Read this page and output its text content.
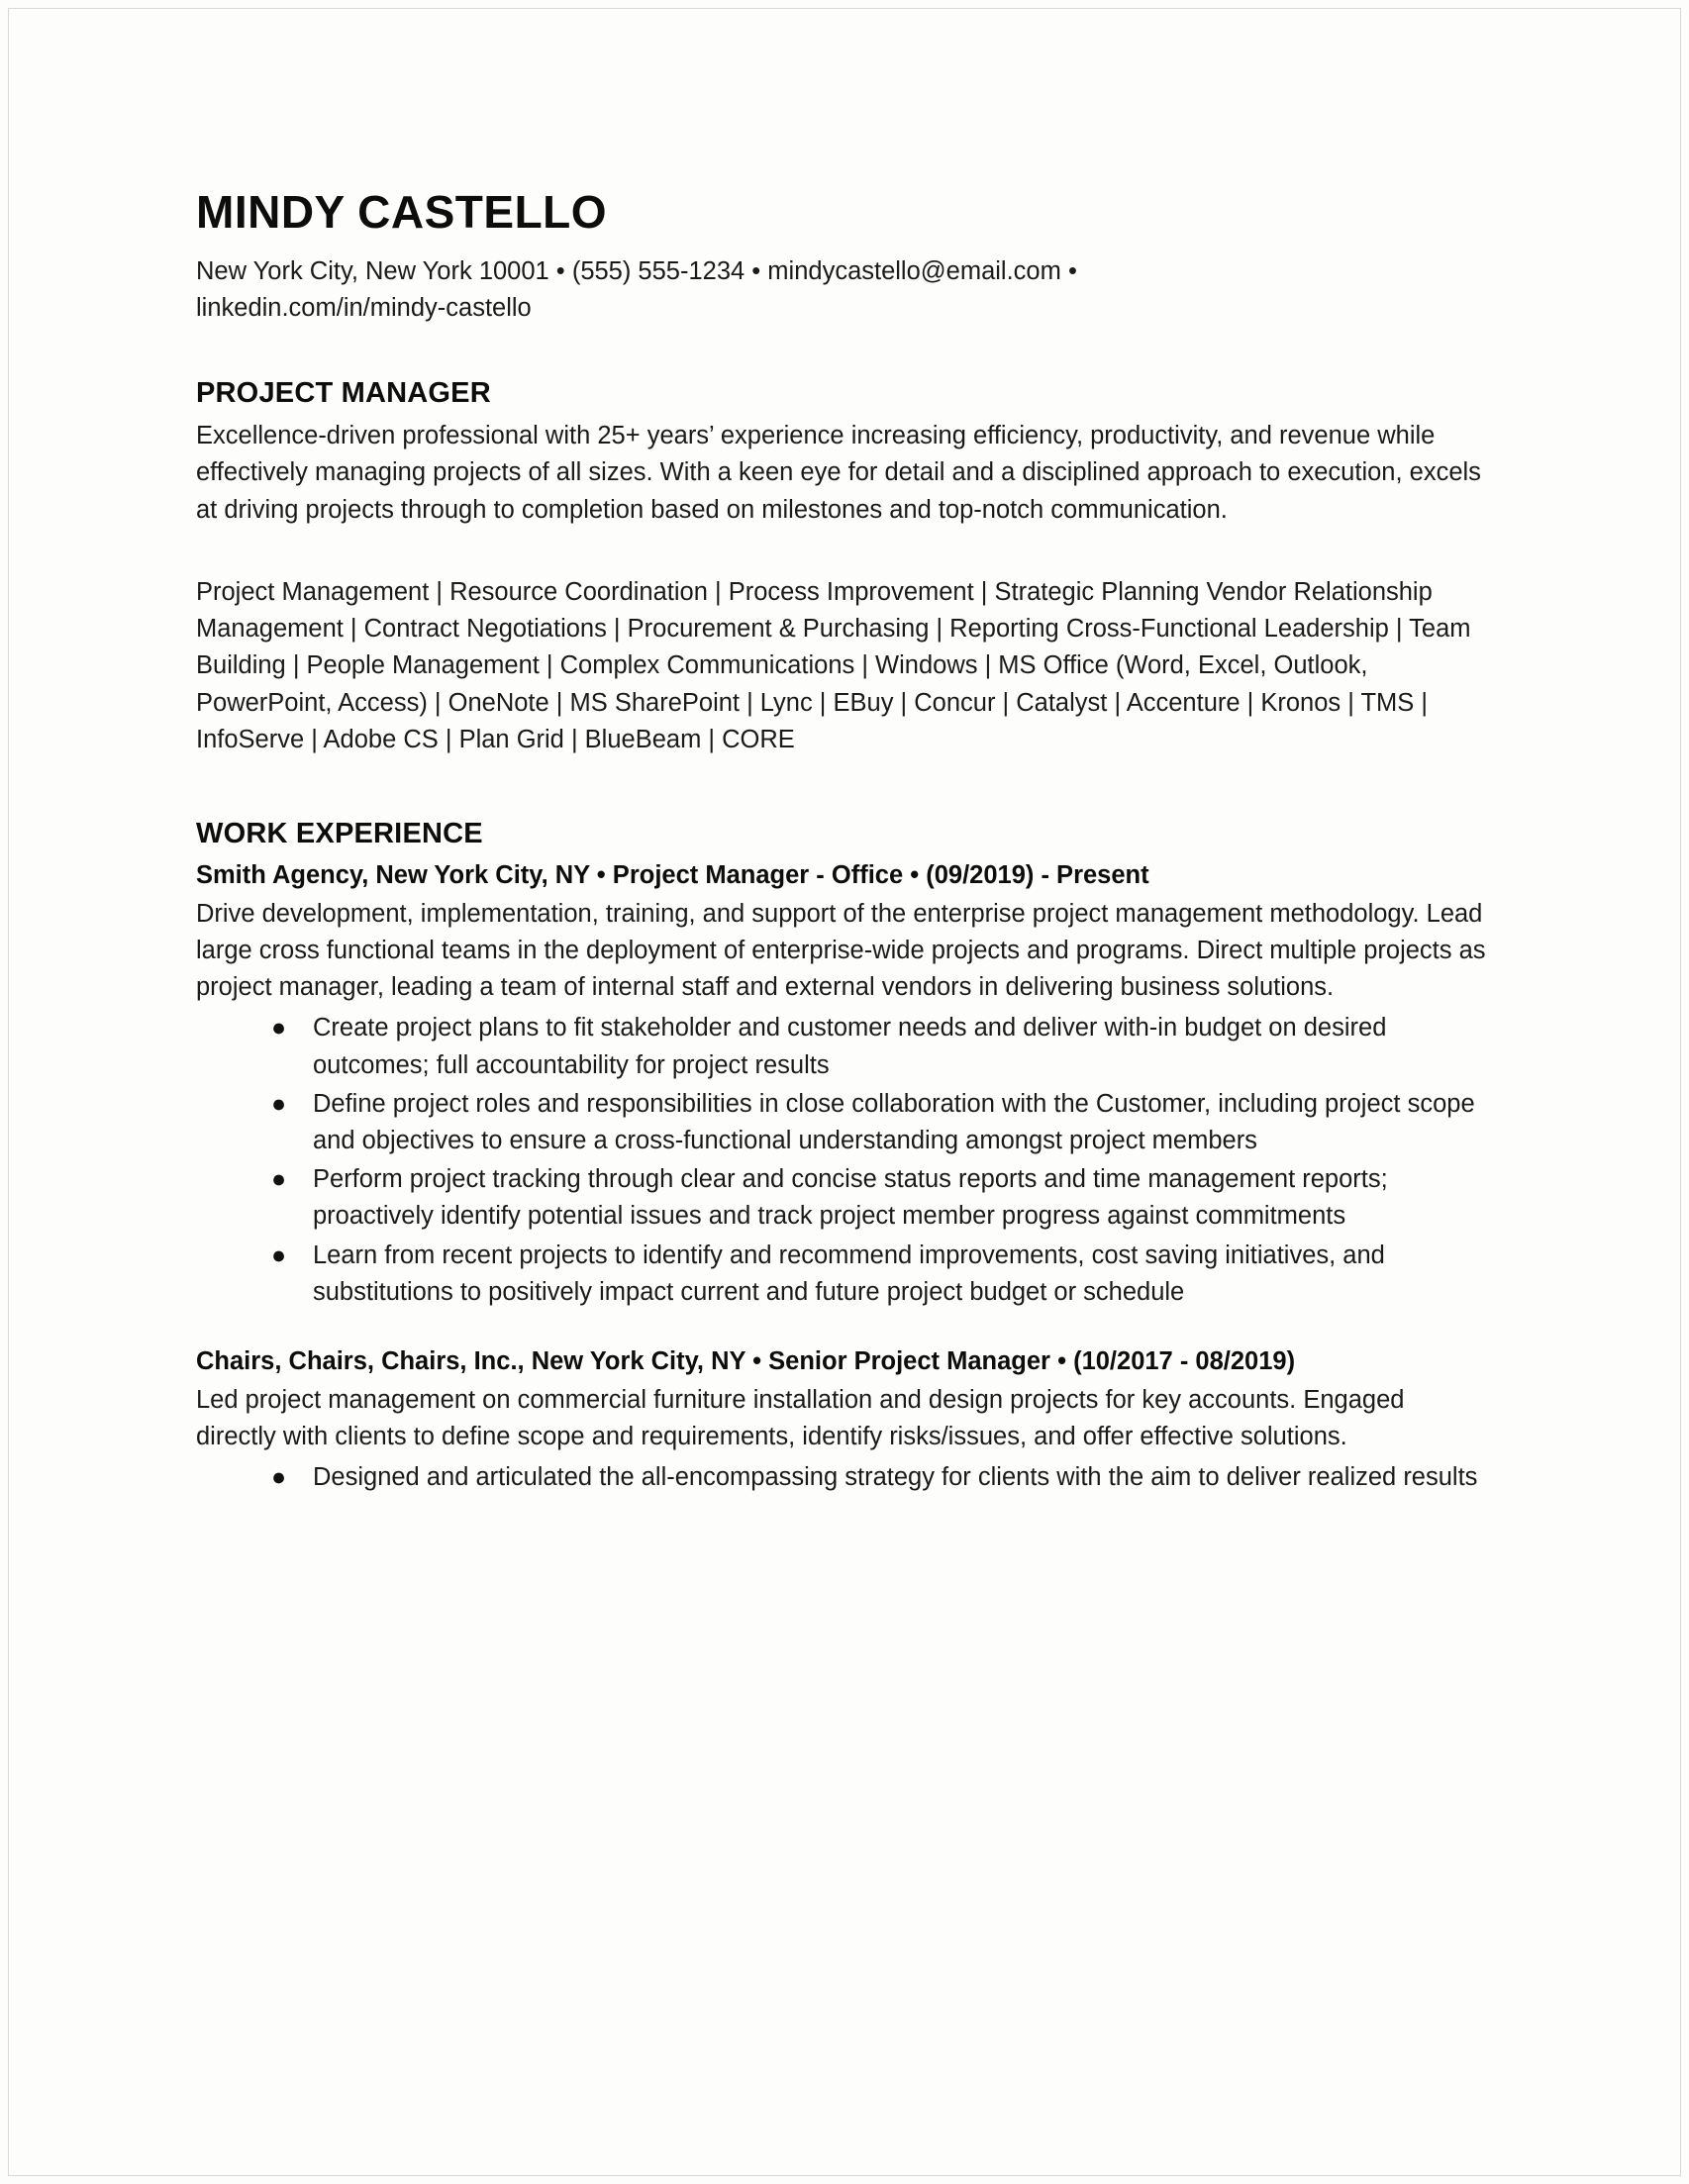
MINDY CASTELLO

New York City, New York 10001 • (555) 555-1234 • mindycastello@email.com • linkedin.com/in/mindy-castello

PROJECT MANAGER

Excellence-driven professional with 25+ years’ experience increasing efficiency, productivity, and revenue while effectively managing projects of all sizes. With a keen eye for detail and a disciplined approach to execution, excels at driving projects through to completion based on milestones and top-notch communication.

Project Management | Resource Coordination | Process Improvement | Strategic Planning Vendor Relationship Management | Contract Negotiations | Procurement & Purchasing | Reporting Cross-Functional Leadership | Team Building | People Management | Complex Communications | Windows | MS Office (Word, Excel, Outlook, PowerPoint, Access) | OneNote | MS SharePoint | Lync | EBuy | Concur | Catalyst | Accenture | Kronos | TMS | InfoServe | Adobe CS | Plan Grid | BlueBeam | CORE

WORK EXPERIENCE

Smith Agency, New York City, NY • Project Manager - Office • (09/2019) - Present

Drive development, implementation, training, and support of the enterprise project management methodology. Lead large cross functional teams in the deployment of enterprise-wide projects and programs. Direct multiple projects as project manager, leading a team of internal staff and external vendors in delivering business solutions.

● Create project plans to fit stakeholder and customer needs and deliver with-in budget on desired outcomes; full accountability for project results
● Define project roles and responsibilities in close collaboration with the Customer, including project scope and objectives to ensure a cross-functional understanding amongst project members
● Perform project tracking through clear and concise status reports and time management reports; proactively identify potential issues and track project member progress against commitments
● Learn from recent projects to identify and recommend improvements, cost saving initiatives, and substitutions to positively impact current and future project budget or schedule

Chairs, Chairs, Chairs, Inc., New York City, NY • Senior Project Manager • (10/2017 - 08/2019)

Led project management on commercial furniture installation and design projects for key accounts. Engaged directly with clients to define scope and requirements, identify risks/issues, and offer effective solutions.

● Designed and articulated the all-encompassing strategy for clients with the aim to deliver realized results
